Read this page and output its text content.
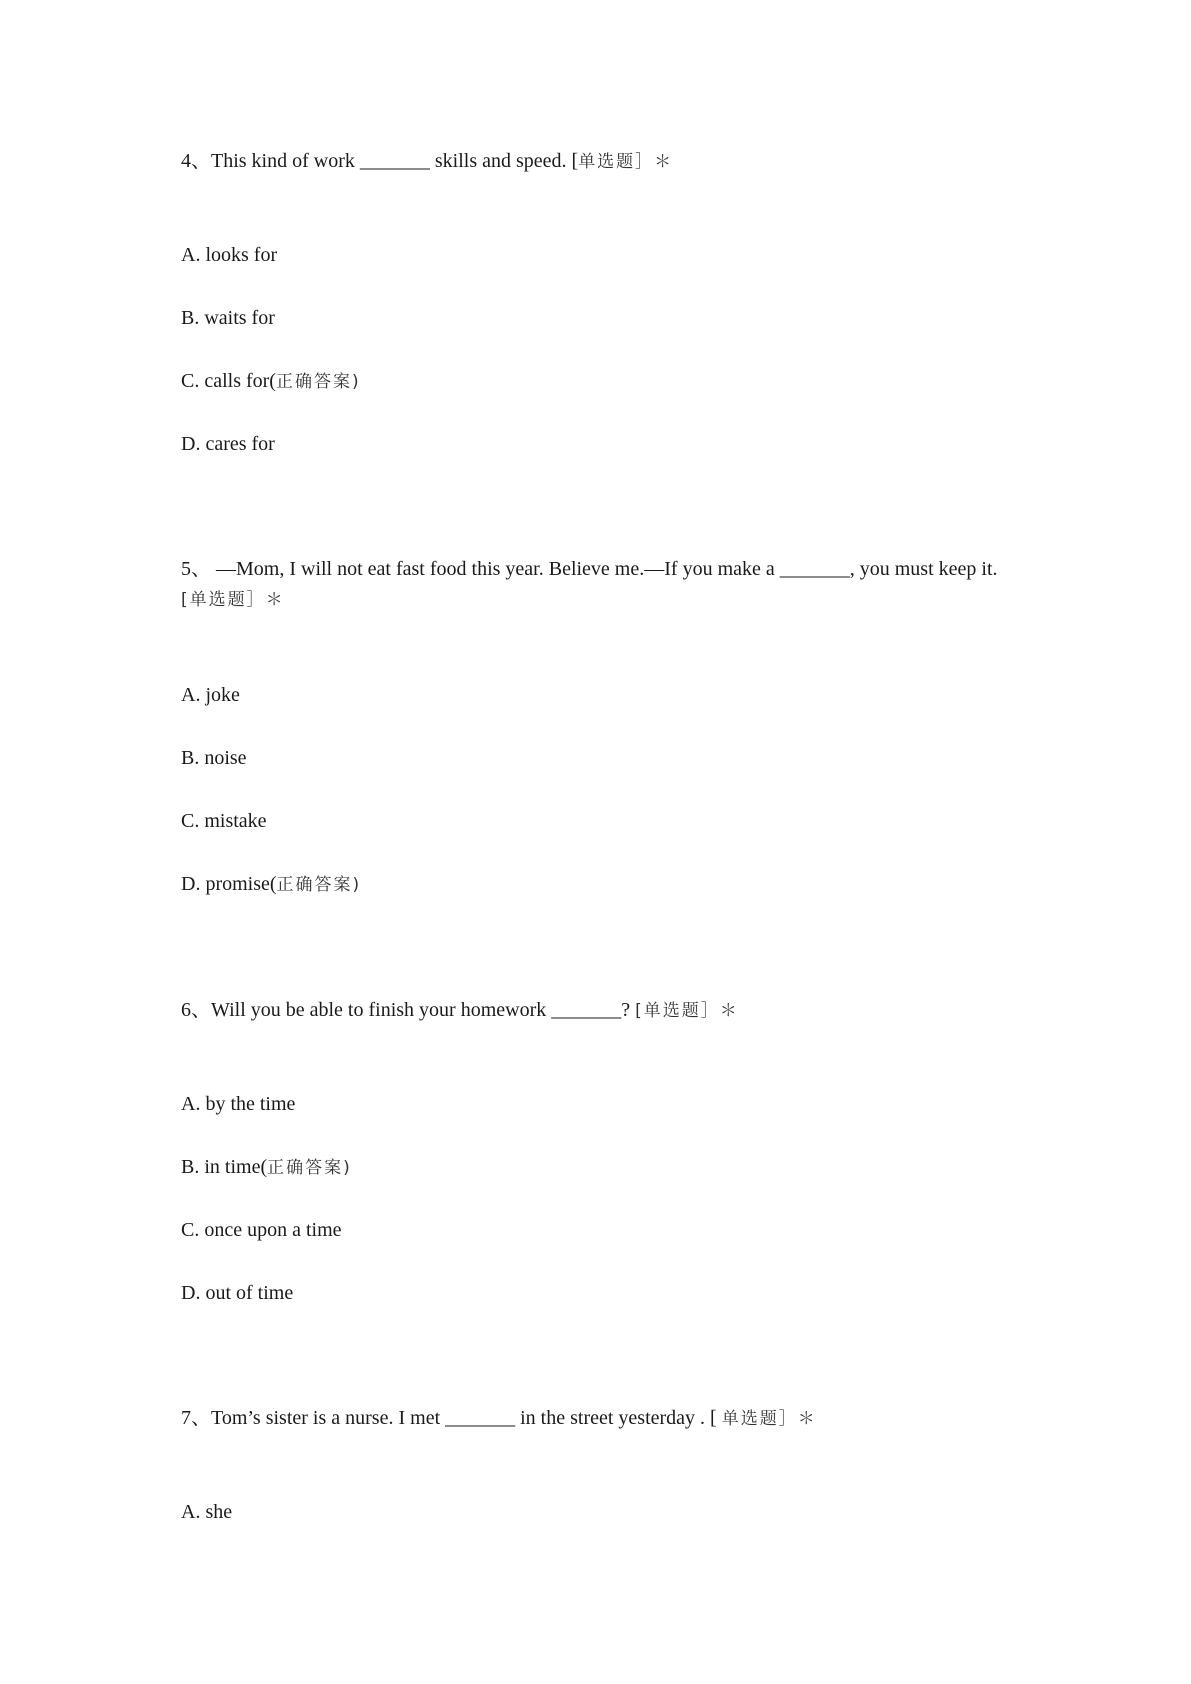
4、This kind of work _______ skills and speed. [单选题］＊
A. looks for
B. waits for
C. calls for(正确答案)
D. cares for
5、 —Mom, I will not eat fast food this year. Believe me.—If you make a _______, you must keep it.
[单选题］＊
A. joke
B. noise
C. mistake
D. promise(正确答案)
6、Will you be able to finish your homework _______? [单选题］＊
A. by the time
B. in time(正确答案)
C. once upon a time
D. out of time
7、Tom’s sister is a nurse. I met _______ in the street yesterday . [ 单选题］＊
A. she
